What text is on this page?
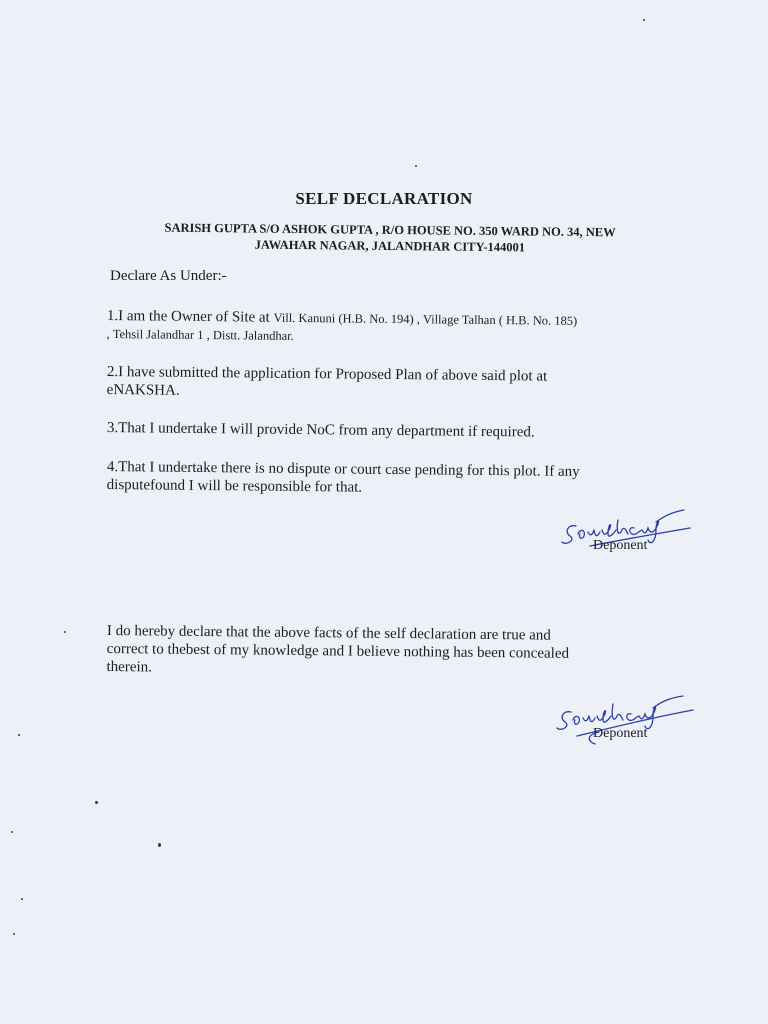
SELF DECLARATION
SARISH GUPTA S/O ASHOK GUPTA , R/O HOUSE NO. 350 WARD NO. 34, NEW
JAWAHAR NAGAR, JALANDHAR CITY-144001
Declare As Under:-
1.I am the Owner of Site at Vill. Kanuni (H.B. No. 194) , Village Talhan ( H.B. No. 185)
, Tehsil Jalandhar 1 , Distt. Jalandhar.
2.I have submitted the application for Proposed Plan of above said plot at
eNAKSHA.
3.That I undertake I will provide NoC from any department if required.
4.That I undertake there is no dispute or court case pending for this plot. If any
disputefound I will be responsible for that.
Deponent
I do hereby declare that the above facts of the self declaration are true and
correct to thebest of my knowledge and I believe nothing has been concealed
therein.
Deponent
